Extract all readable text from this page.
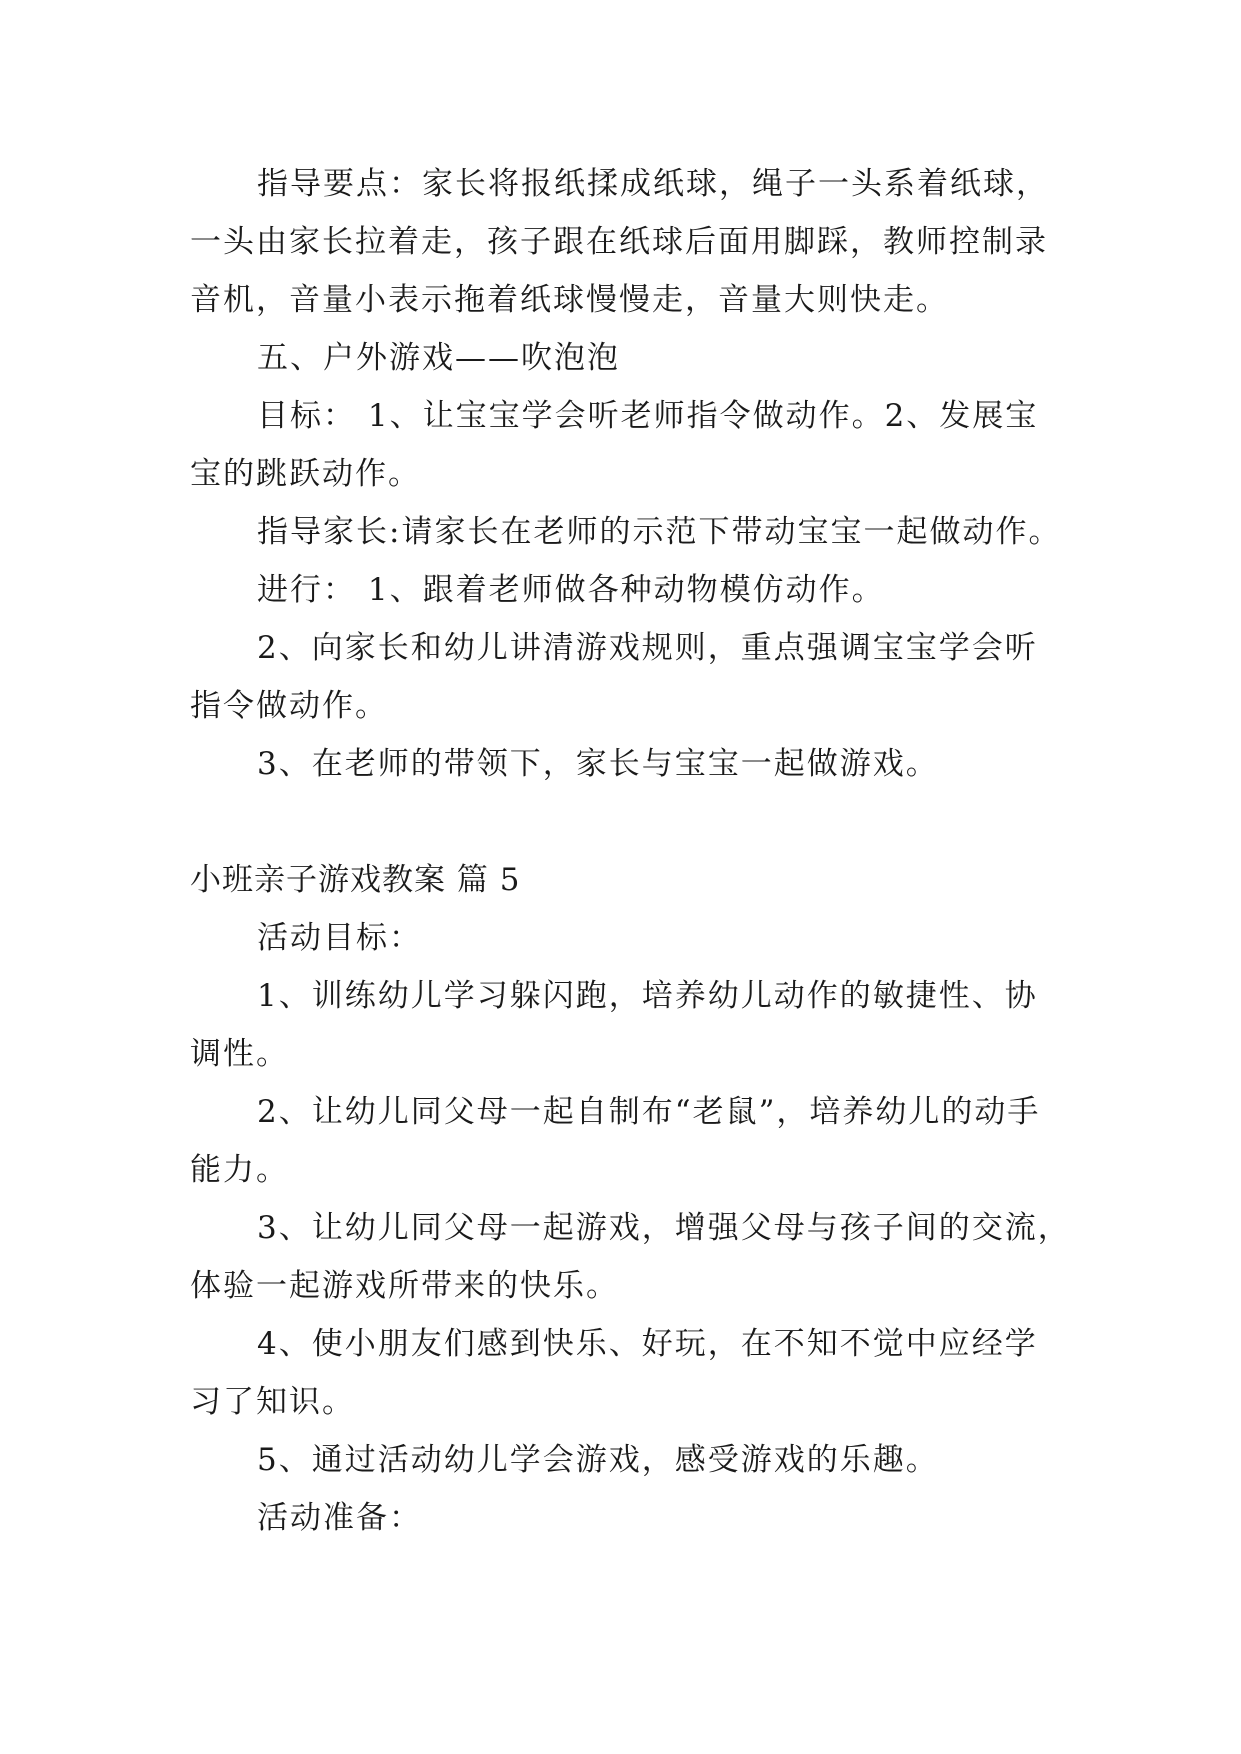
指导要点：家长将报纸揉成纸球，绳子一头系着纸球，
一头由家长拉着走，孩子跟在纸球后面用脚踩，教师控制录
音机，音量小表示拖着纸球慢慢走，音量大则快走。
五、户外游戏——吹泡泡
目标： 1、让宝宝学会听老师指令做动作。2、发展宝
宝的跳跃动作。
指导家长:请家长在老师的示范下带动宝宝一起做动作。
进行： 1、跟着老师做各种动物模仿动作。
2、向家长和幼儿讲清游戏规则，重点强调宝宝学会听
指令做动作。
3、在老师的带领下，家长与宝宝一起做游戏。
小班亲子游戏教案 篇 5
活动目标：
1、训练幼儿学习躲闪跑，培养幼儿动作的敏捷性、协
调性。
2、让幼儿同父母一起自制布“老鼠”，培养幼儿的动手
能力。
3、让幼儿同父母一起游戏，增强父母与孩子间的交流，
体验一起游戏所带来的快乐。
4、使小朋友们感到快乐、好玩，在不知不觉中应经学
习了知识。
5、通过活动幼儿学会游戏，感受游戏的乐趣。
活动准备：
